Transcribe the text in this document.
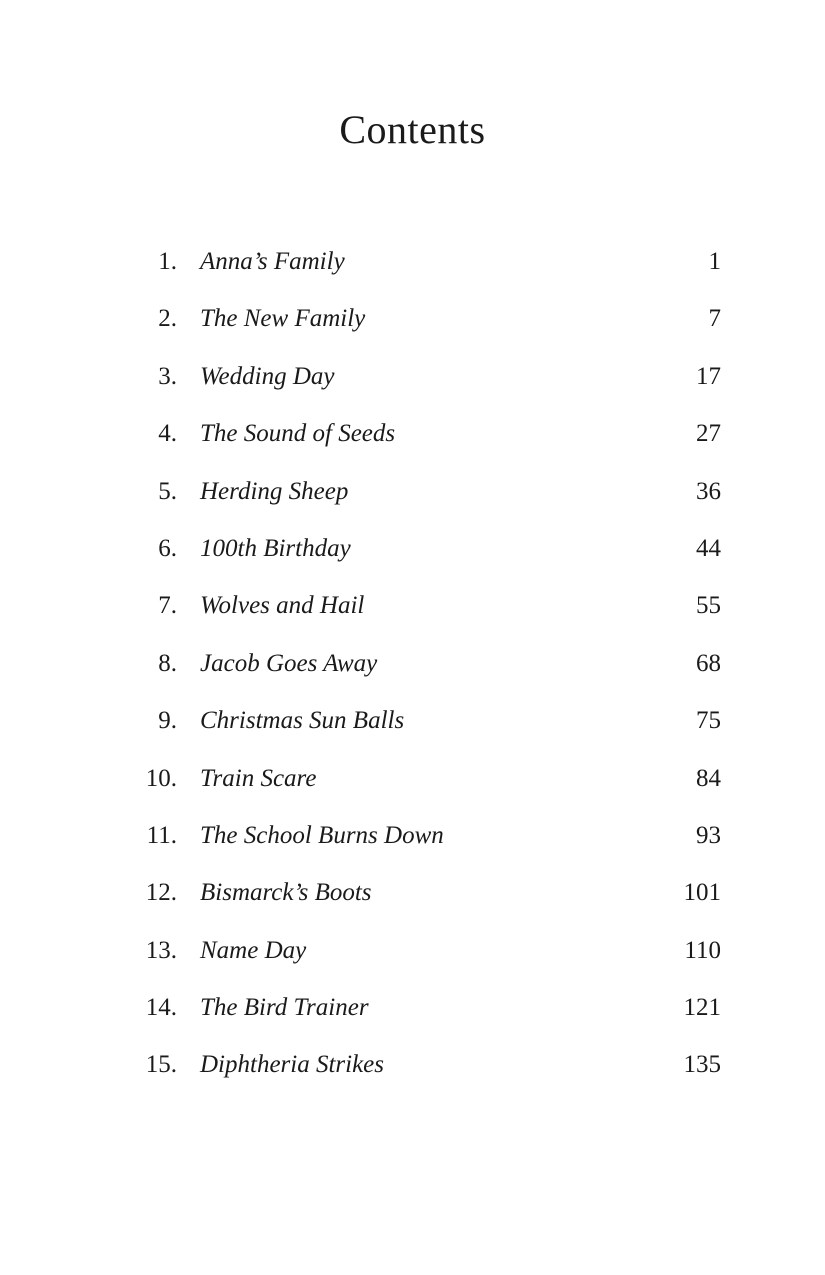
Contents
1. Anna’s Family	1
2. The New Family	7
3. Wedding Day	17
4. The Sound of Seeds	27
5. Herding Sheep	36
6. 100th Birthday	44
7. Wolves and Hail	55
8. Jacob Goes Away	68
9. Christmas Sun Balls	75
10. Train Scare	84
11. The School Burns Down	93
12. Bismarck’s Boots	101
13. Name Day	110
14. The Bird Trainer	121
15. Diphtheria Strikes	135
